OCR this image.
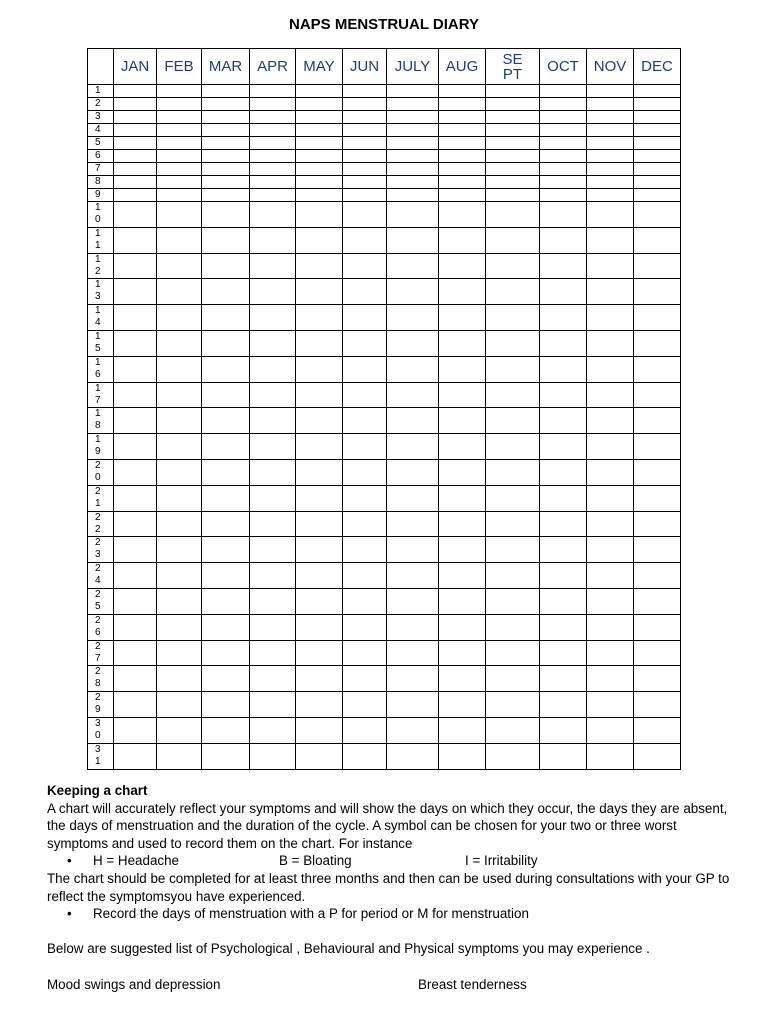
NAPS MENSTRUAL DIARY
	JAN	FEB	MAR	APR	MAY	JUN	JULY	AUG	SEPT	OCT	NOV	DEC

1												

2												

3												

4												

5												

6												

7												

8												

9												

10												

11												

12												

13												

14												

15												

16												

17												

18												

19												

20												

21												

22												

23												

24												

25												

26												

27												

28												

29												

30												

31												

Keeping a chart

A chart will accurately reflect your symptoms and will show the days on which they occur, the days they are absent, the days of menstruation and the duration of the cycle. A symbol can be chosen for your two or three worst symptoms and used to record them on the chart. For instance

• H = Headache	B = Bloating	I = Irritability

The chart should be completed for at least three months and then can be used during consultations with your GP to reflect the symptomsyou have experienced.

• Record the days of menstruation with a P for period or M for menstruation

Below are suggested list of Psychological , Behavioural and Physical symptoms you may experience .

Mood swings and depression	Breast tenderness
